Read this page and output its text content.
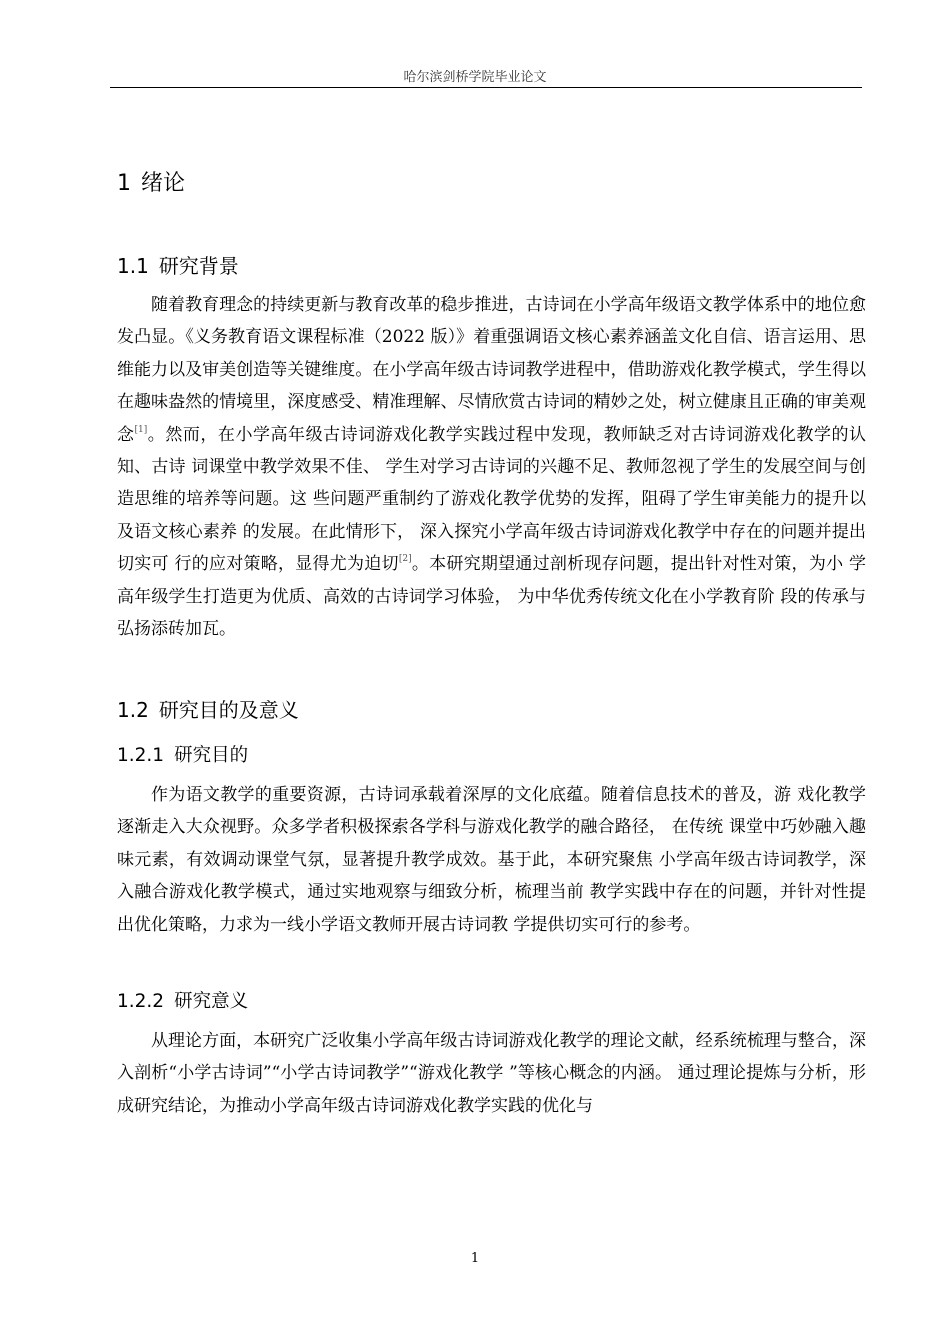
哈尔滨剑桥学院毕业论文
1 绪论
1.1 研究背景

随着教育理念的持续更新与教育改革的稳步推进，古诗词在小学高年级语文教学体系中的地位愈发凸显。《义务教育语文课程标准（2022 版）》着重强调语文核心素养涵盖文化自信、语言运用、思维能力以及审美创造等关键维度。在小学高年级古诗词教学进程中，借助游戏化教学模式，学生得以在趣味盎然的情境里，深度感受、精准理解、尽情欣赏古诗词的精妙之处，树立健康且正确的审美观念[1]。然而，在小学高年级古诗词游戏化教学实践过程中发现，教师缺乏对古诗词游戏化教学的认知、古诗 词课堂中教学效果不佳、 学生对学习古诗词的兴趣不足、教师忽视了学生的发展空间与创造思维的培养等问题。这 些问题严重制约了游戏化教学优势的发挥，阻碍了学生审美能力的提升以及语文核心素养 的发展。在此情形下， 深入探究小学高年级古诗词游戏化教学中存在的问题并提出切实可 行的应对策略，显得尤为迫切[2]。本研究期望通过剖析现存问题，提出针对性对策，为小 学高年级学生打造更为优质、高效的古诗词学习体验， 为中华优秀传统文化在小学教育阶 段的传承与弘扬添砖加瓦。

1.2 研究目的及意义
1.2.1 研究目的

作为语文教学的重要资源，古诗词承载着深厚的文化底蕴。随着信息技术的普及，游 戏化教学逐渐走入大众视野。众多学者积极探索各学科与游戏化教学的融合路径， 在传统 课堂中巧妙融入趣味元素，有效调动课堂气氛，显著提升教学成效。基于此，本研究聚焦 小学高年级古诗词教学，深入融合游戏化教学模式，通过实地观察与细致分析，梳理当前 教学实践中存在的问题，并针对性提出优化策略，力求为一线小学语文教师开展古诗词教 学提供切实可行的参考。

1.2.2 研究意义

从理论方面，本研究广泛收集小学高年级古诗词游戏化教学的理论文献，经系统梳理与整合，深入剖析“小学古诗词”“小学古诗词教学”“游戏化教学 ”等核心概念的内涵。 通过理论提炼与分析，形成研究结论，为推动小学高年级古诗词游戏化教学实践的优化与

1
